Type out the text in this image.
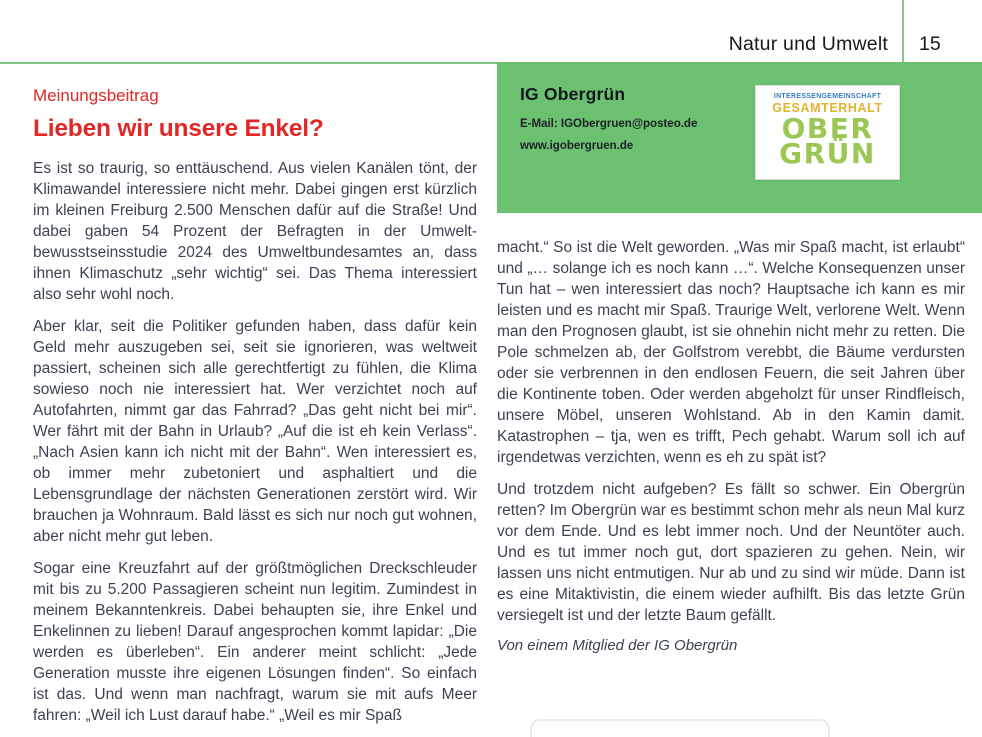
Natur und Umwelt 15
IG Obergrün

E-Mail: IGObergruen@posteo.de

www.igobergruen.de

INTERESSENGEMEINSCHAFT
GESAMTERHALT
OBER
GRÜN
Meinungsbeitrag
Lieben wir unsere Enkel?

Es ist so traurig, so enttäuschend. Aus vielen Kanälen tönt, der Klimawandel interessiere nicht mehr. Dabei gingen erst kürzlich im kleinen Freiburg 2.500 Menschen dafür auf die Straße! Und dabei gaben 54 Prozent der Befragten in der Umweltbewusstseinsstudie 2024 des Umweltbundesamtes an, dass ihnen Klimaschutz „sehr wichtig“ sei. Das Thema interessiert also sehr wohl noch.

Aber klar, seit die Politiker gefunden haben, dass dafür kein Geld mehr auszugeben sei, seit sie ignorieren, was weltweit passiert, scheinen sich alle gerechtfertigt zu fühlen, die Klima sowieso noch nie interessiert hat. Wer verzichtet noch auf Autofahrten, nimmt gar das Fahrrad? „Das geht nicht bei mir“. Wer fährt mit der Bahn in Urlaub? „Auf die ist eh kein Verlass“. „Nach Asien kann ich nicht mit der Bahn“. Wen interessiert es, ob immer mehr zubetoniert und asphaltiert und die Lebensgrundlage der nächsten Generationen zerstört wird. Wir brauchen ja Wohnraum. Bald lässt es sich nur noch gut wohnen, aber nicht mehr gut leben.

Sogar eine Kreuzfahrt auf der größtmöglichen Dreckschleuder mit bis zu 5.200 Passagieren scheint nun legitim. Zumindest in meinem Bekanntenkreis. Dabei behaupten sie, ihre Enkel und Enkelinnen zu lieben! Darauf angesprochen kommt lapidar: „Die werden es überleben“. Ein anderer meint schlicht: „Jede Generation musste ihre eigenen Lösungen finden“. So einfach ist das. Und wenn man nachfragt, warum sie mit aufs Meer fahren: „Weil ich Lust darauf habe.“ „Weil es mir Spaß

macht.“ So ist die Welt geworden. „Was mir Spaß macht, ist erlaubt“ und „… solange ich es noch kann …“. Welche Konsequenzen unser Tun hat – wen interessiert das noch? Hauptsache ich kann es mir leisten und es macht mir Spaß. Traurige Welt, verlorene Welt. Wenn man den Prognosen glaubt, ist sie ohnehin nicht mehr zu retten. Die Pole schmelzen ab, der Golfstrom verebbt, die Bäume verdursten oder sie verbrennen in den endlosen Feuern, die seit Jahren über die Kontinente toben. Oder werden abgeholzt für unser Rindfleisch, unsere Möbel, unseren Wohlstand. Ab in den Kamin damit. Katastrophen – tja, wen es trifft, Pech gehabt. Warum soll ich auf irgendetwas verzichten, wenn es eh zu spät ist?

Und trotzdem nicht aufgeben? Es fällt so schwer. Ein Obergrün retten? Im Obergrün war es bestimmt schon mehr als neun Mal kurz vor dem Ende. Und es lebt immer noch. Und der Neuntöter auch. Und es tut immer noch gut, dort spazieren zu gehen. Nein, wir lassen uns nicht entmutigen. Nur ab und zu sind wir müde. Dann ist es eine Mitaktivistin, die einem wieder aufhilft. Bis das letzte Grün versiegelt ist und der letzte Baum gefällt.

Von einem Mitglied der IG Obergrün
